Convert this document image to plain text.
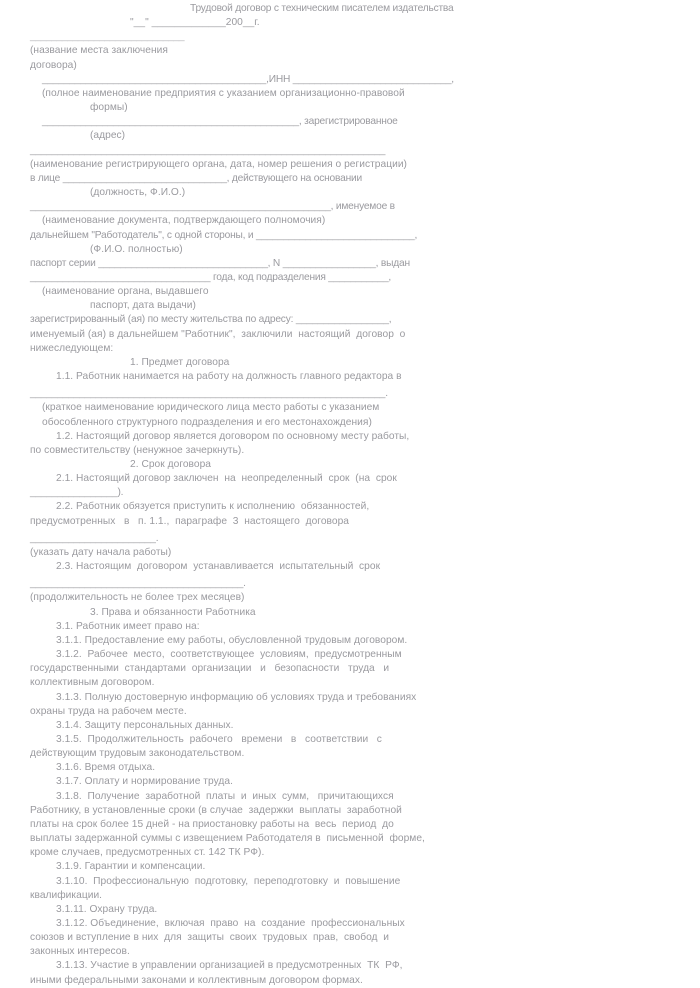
Трудовой договор с техническим писателем издательства
"__" _____________200__г.
_____________________________
(название места заключения
договора)
_________________________________________,ИНН _____________________________,
(полное наименование предприятия с указанием организационно-правовой
формы)
_______________________________________________, зарегистрированное
(адрес)
_________________________________________________________________
(наименование регистрирующего органа, дата, номер решения о регистрации)
в лице ______________________________, действующего на основании
(должность, Ф.И.О.)
_______________________________________________________, именуемое в
(наименование документа, подтверждающего полномочия)
дальнейшем "Работодатель", с одной стороны, и _____________________________,
(Ф.И.О. полностью)
паспорт серии _______________________________, N _________________, выдан
_________________________________ года, код подразделения ___________,
(наименование органа, выдавшего
паспорт, дата выдачи)
зарегистрированный (ая) по месту жительства по адресу: _________________,
именуемый (ая) в дальнейшем "Работник",  заключили  настоящий  договор  о
нижеследующем:
1. Предмет договора
1.1. Работник нанимается на работу на должность главного редактора в
_________________________________________________________________.
(краткое наименование юридического лица место работы с указанием
обособленного структурного подразделения и его местонахождения)
1.2. Настоящий договор является договором по основному месту работы,
по совместительству (ненужное зачеркнуть).
2. Срок договора
2.1. Настоящий договор заключен  на  неопределенный  срок  (на  срок
________________).
2.2. Работник обязуется приступить к исполнению  обязанностей,
предусмотренных   в   п. 1.1.,  параграфе  3  настоящего  договора
_______________________.
(указать дату начала работы)
2.3. Настоящим  договором  устанавливается  испытательный  срок
_______________________________________.
(продолжительность не более трех месяцев)
3. Права и обязанности Работника
3.1. Работник имеет право на:
3.1.1. Предоставление ему работы, обусловленной трудовым договором.
3.1.2.  Рабочее  место,  соответствующее  условиям,  предусмотренным
государственными  стандартами  организации   и   безопасности   труда   и
коллективным договором.
3.1.3. Полную достоверную информацию об условиях труда и требованиях
охраны труда на рабочем месте.
3.1.4. Защиту персональных данных.
3.1.5.  Продолжительность  рабочего   времени   в   соответствии   с
действующим трудовым законодательством.
3.1.6. Время отдыха.
3.1.7. Оплату и нормирование труда.
3.1.8.  Получение  заработной  платы  и  иных  сумм,   причитающихся
Работнику, в установленные сроки (в случае  задержки  выплаты  заработной
платы на срок более 15 дней - на приостановку работы на  весь  период  до
выплаты задержанной суммы с извещением Работодателя в  письменной  форме,
кроме случаев, предусмотренных ст. 142 ТК РФ).
3.1.9. Гарантии и компенсации.
3.1.10.  Профессиональную  подготовку,  переподготовку  и  повышение
квалификации.
3.1.11. Охрану труда.
3.1.12. Объединение,  включая  право  на  создание  профессиональных
союзов и вступление в них  для  защиты  своих  трудовых  прав,  свобод  и
законных интересов.
3.1.13. Участие в управлении организацией в предусмотренных  ТК  РФ,
иными федеральными законами и коллективным договором формах.
